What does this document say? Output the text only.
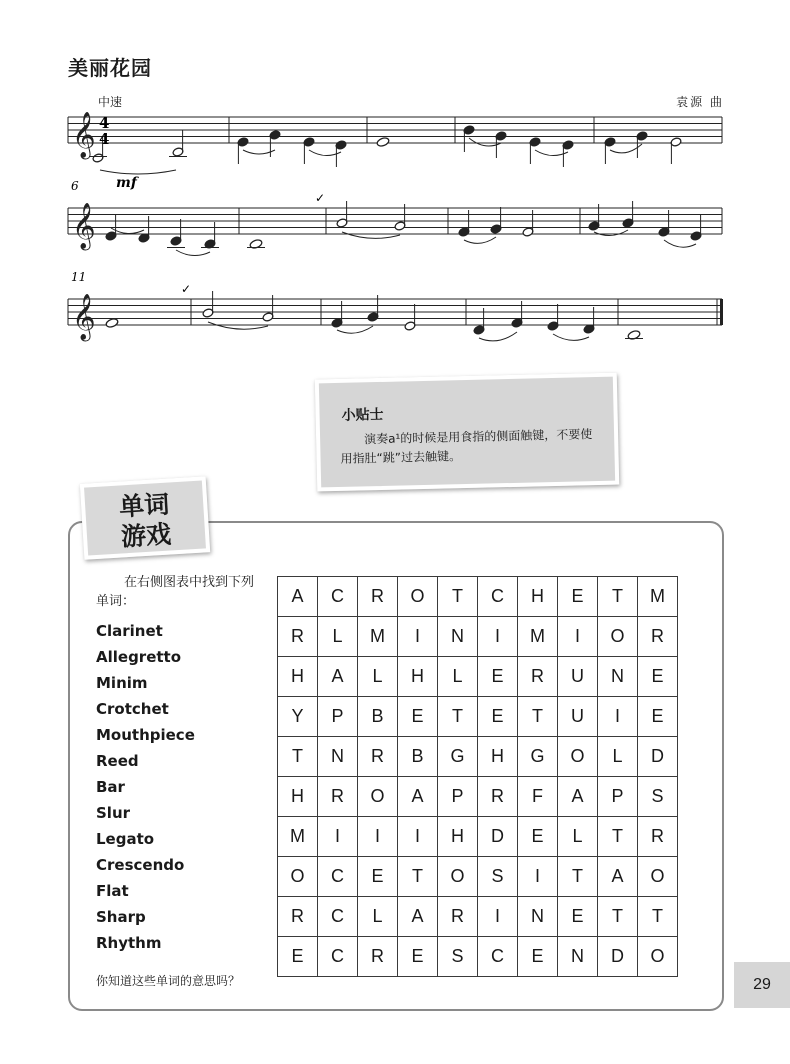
美丽花园
中速	袁源 曲
𝄞
𝄞
𝄞
4
4
mf
6
11
✓
✓
小贴士
演奏a¹的时候是用食指的侧面触键，不要使用指肚“跳”过去触键。
单词
游戏
在右侧图表中找到下列单词：
Clarinet
Allegretto
Minim
Crotchet
Mouthpiece
Reed
Bar
Slur
Legato
Crescendo
Flat
Sharp
Rhythm
你知道这些单词的意思吗？
A	C	R	O	T	C	H	E	T	M
R	L	M	I	N	I	M	I	O	R
H	A	L	H	L	E	R	U	N	E
Y	P	B	E	T	E	T	U	I	E
T	N	R	B	G	H	G	O	L	D
H	R	O	A	P	R	F	A	P	S
M	I	I	I	H	D	E	L	T	R
O	C	E	T	O	S	I	T	A	O
R	C	L	A	R	I	N	E	T	T
E	C	R	E	S	C	E	N	D	O
29
